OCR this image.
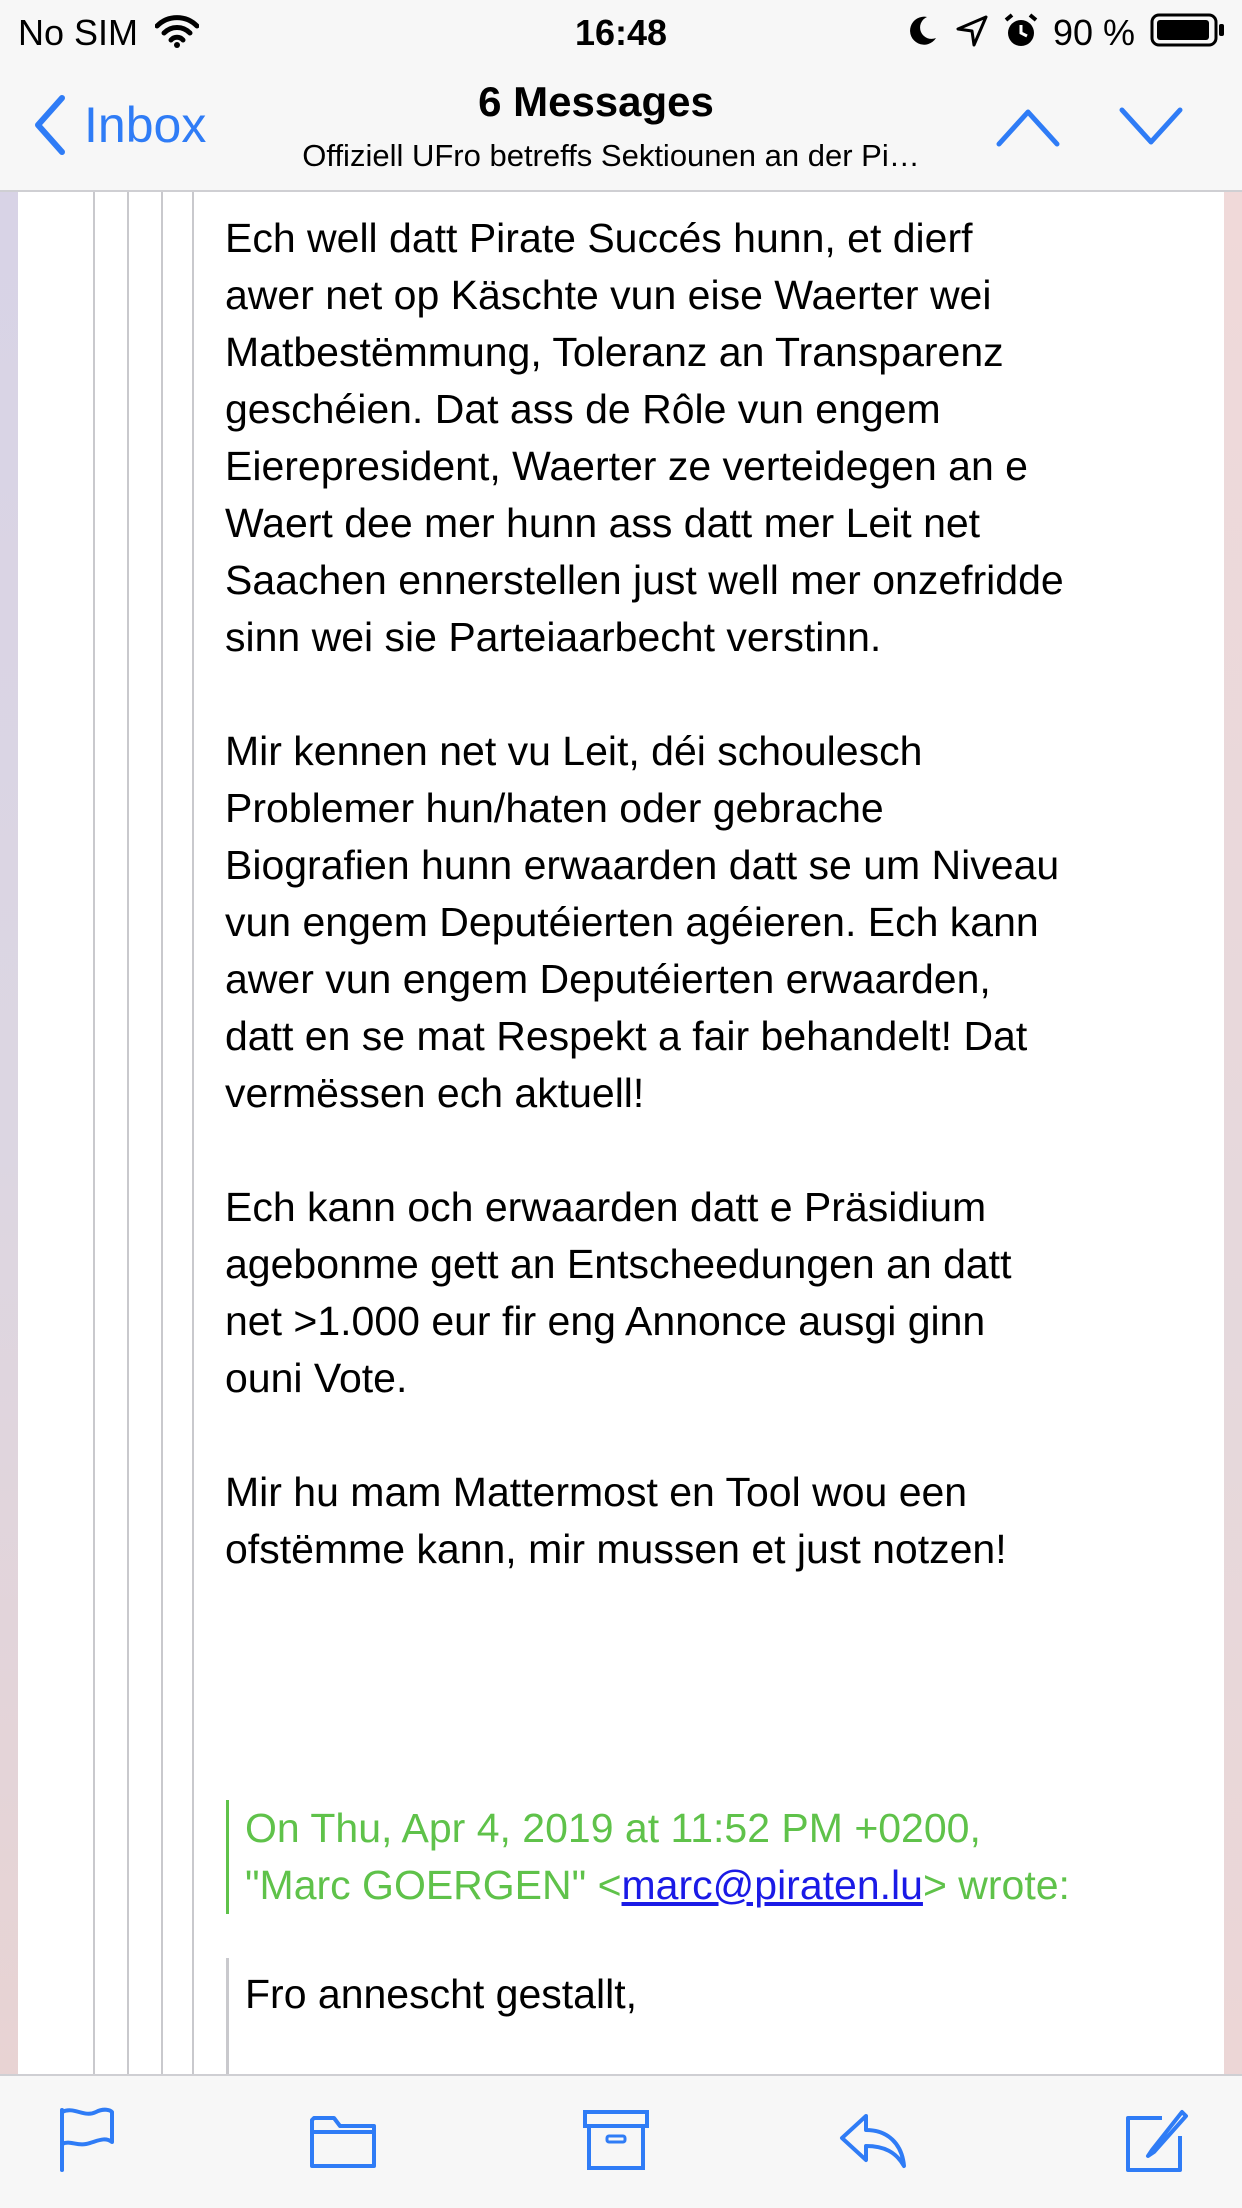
No SIM	16:48	90 %
Inbox	6 Messages
Offiziell UFro betreffs Sektiounen an der Pi…
Ech well datt Pirate Succés hunn, et dierf
awer net op Käschte vun eise Waerter wei
Matbestëmmung, Toleranz an Transparenz
geschéien. Dat ass de Rôle vun engem
Eierepresident, Waerter ze verteidegen an e
Waert dee mer hunn ass datt mer Leit net
Saachen ennerstellen just well mer onzefridde
sinn wei sie Parteiaarbecht verstinn.
Mir kennen net vu Leit, déi schoulesch
Problemer hun/haten oder gebrache
Biografien hunn erwaarden datt se um Niveau
vun engem Deputéierten agéieren. Ech kann
awer vun engem Deputéierten erwaarden,
datt en se mat Respekt a fair behandelt! Dat
vermëssen ech aktuell!
Ech kann och erwaarden datt e Präsidium
agebonme gett an Entscheedungen an datt
net >1.000 eur fir eng Annonce ausgi ginn
ouni Vote.
Mir hu mam Mattermost en Tool wou een
ofstëmme kann, mir mussen et just notzen!
On Thu, Apr 4, 2019 at 11:52 PM +0200,
"Marc GOERGEN" <marc@piraten.lu> wrote:
Fro annescht gestallt,
